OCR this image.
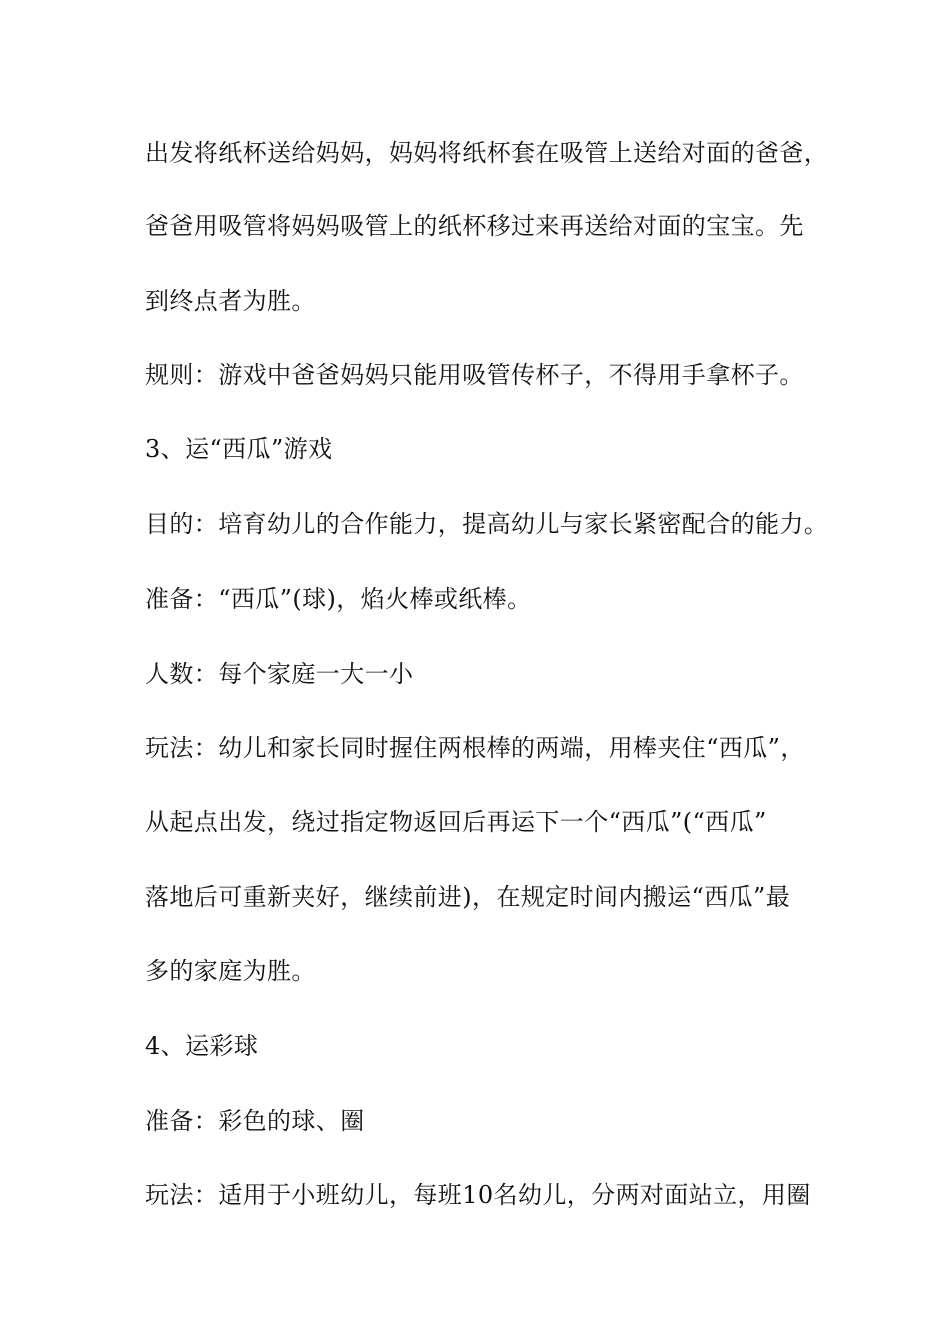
出发将纸杯送给妈妈，妈妈将纸杯套在吸管上送给对面的爸爸，
爸爸用吸管将妈妈吸管上的纸杯移过来再送给对面的宝宝。先
到终点者为胜。
规则：游戏中爸爸妈妈只能用吸管传杯子，不得用手拿杯子。
3、运“西瓜”游戏
目的：培育幼儿的合作能力，提高幼儿与家长紧密配合的能力。
准备：“西瓜”(球)，焰火棒或纸棒。
人数：每个家庭一大一小
玩法：幼儿和家长同时握住两根棒的两端，用棒夹住“西瓜”，
从起点出发，绕过指定物返回后再运下一个“西瓜”(“西瓜”
落地后可重新夹好，继续前进)，在规定时间内搬运“西瓜”最
多的家庭为胜。
4、运彩球
准备：彩色的球、圈
玩法：适用于小班幼儿，每班10名幼儿，分两对面站立，用圈
